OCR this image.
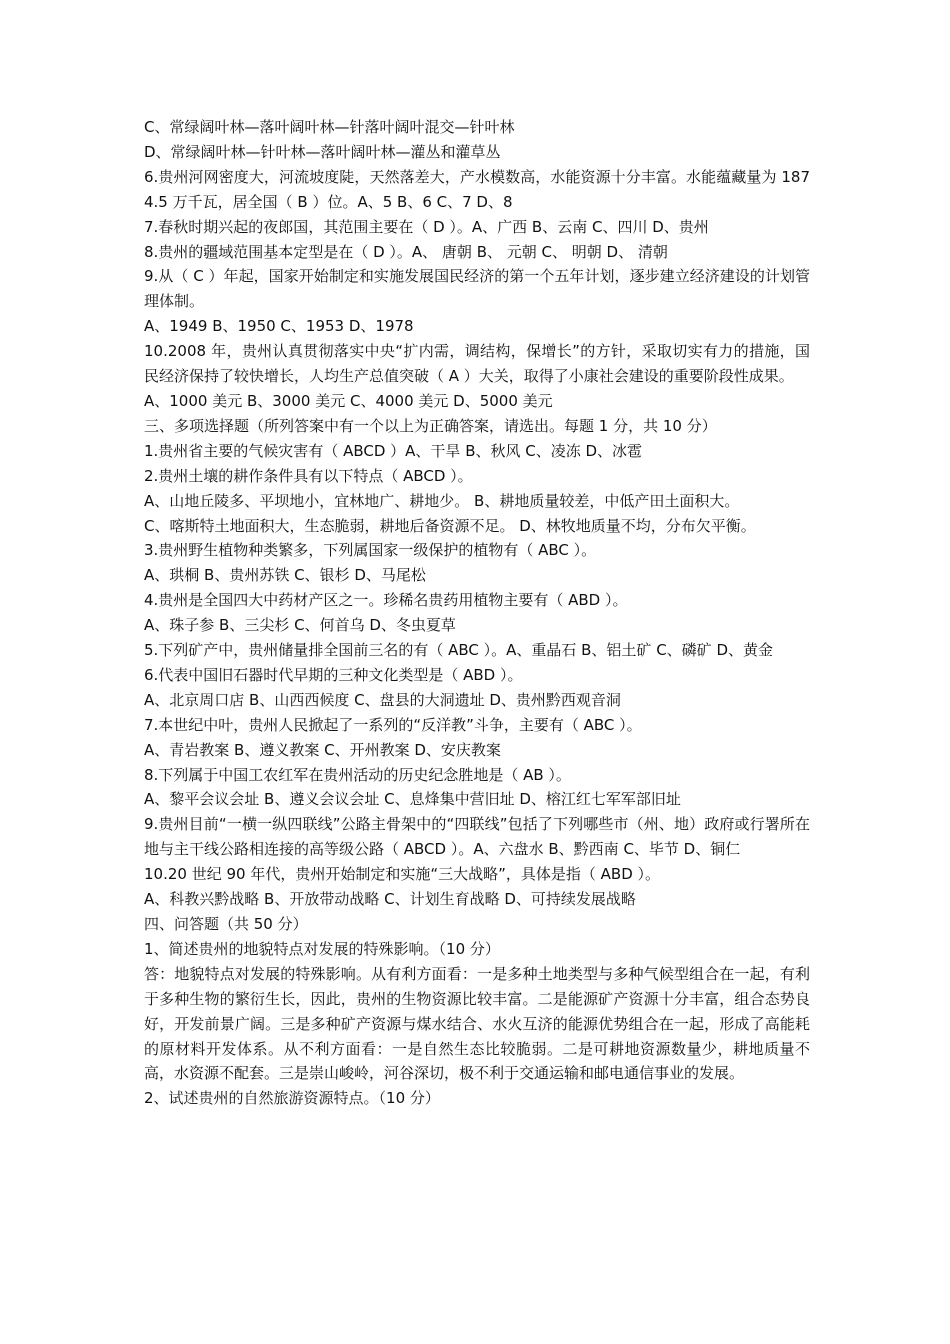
C、常绿阔叶林—落叶阔叶林—针落叶阔叶混交—针叶林
D、常绿阔叶林—针叶林—落叶阔叶林—灌丛和灌草丛
6.贵州河网密度大，河流坡度陡，天然落差大，产水模数高，水能资源十分丰富。水能蕴藏量为 1874.5 万千瓦，居全国（ B ）位。A、5 B、6 C、7 D、8
7.春秋时期兴起的夜郎国，其范围主要在（ D ）。A、广西 B、云南 C、四川 D、贵州
8.贵州的疆域范围基本定型是在（ D ）。A、 唐朝 B、 元朝 C、 明朝 D、 清朝
9.从（ C ）年起，国家开始制定和实施发展国民经济的第一个五年计划，逐步建立经济建设的计划管理体制。
A、1949 B、1950 C、1953 D、1978
10.2008 年，贵州认真贯彻落实中央“扩内需，调结构，保增长”的方针，采取切实有力的措施，国民经济保持了较快增长，人均生产总值突破（ A ）大关，取得了小康社会建设的重要阶段性成果。
A、1000 美元 B、3000 美元 C、4000 美元 D、5000 美元
三、多项选择题（所列答案中有一个以上为正确答案，请选出。每题 1 分，共 10 分）
1.贵州省主要的气候灾害有（ ABCD ）A、干旱 B、秋风 C、凌冻 D、冰雹
2.贵州土壤的耕作条件具有以下特点（ ABCD ）。
A、山地丘陵多、平坝地小，宜林地广、耕地少。 B、耕地质量较差，中低产田土面积大。
C、喀斯特土地面积大，生态脆弱，耕地后备资源不足。 D、林牧地质量不均，分布欠平衡。
3.贵州野生植物种类繁多，下列属国家一级保护的植物有（ ABC ）。
A、珙桐 B、贵州苏铁 C、银杉 D、马尾松
4.贵州是全国四大中药材产区之一。珍稀名贵药用植物主要有（ ABD ）。
A、珠子参 B、三尖杉 C、何首乌 D、冬虫夏草
5.下列矿产中，贵州储量排全国前三名的有（ ABC ）。A、重晶石 B、铝土矿 C、磷矿 D、黄金
6.代表中国旧石器时代早期的三种文化类型是（ ABD ）。
A、北京周口店 B、山西西候度 C、盘县的大洞遗址 D、贵州黔西观音洞
7.本世纪中叶，贵州人民掀起了一系列的“反洋教”斗争，主要有（ ABC ）。
A、青岩教案 B、遵义教案 C、开州教案 D、安庆教案
8.下列属于中国工农红军在贵州活动的历史纪念胜地是（ AB ）。
A、黎平会议会址 B、遵义会议会址 C、息烽集中营旧址 D、榕江红七军军部旧址
9.贵州目前“一横一纵四联线”公路主骨架中的“四联线”包括了下列哪些市（州、地）政府或行署所在地与主干线公路相连接的高等级公路（ ABCD ）。A、六盘水 B、黔西南 C、毕节 D、铜仁
10.20 世纪 90 年代，贵州开始制定和实施“三大战略”，具体是指（ ABD ）。
A、科教兴黔战略 B、开放带动战略 C、计划生育战略 D、可持续发展战略
四、问答题（共 50 分）
1、简述贵州的地貌特点对发展的特殊影响。（10 分）
答：地貌特点对发展的特殊影响。从有利方面看：一是多种土地类型与多种气候型组合在一起，有利于多种生物的繁衍生长，因此，贵州的生物资源比较丰富。二是能源矿产资源十分丰富，组合态势良好，开发前景广阔。三是多种矿产资源与煤水结合、水火互济的能源优势组合在一起，形成了高能耗的原材料开发体系。从不利方面看：一是自然生态比较脆弱。二是可耕地资源数量少，耕地质量不高，水资源不配套。三是崇山峻岭，河谷深切，极不利于交通运输和邮电通信事业的发展。
2、试述贵州的自然旅游资源特点。（10 分）
